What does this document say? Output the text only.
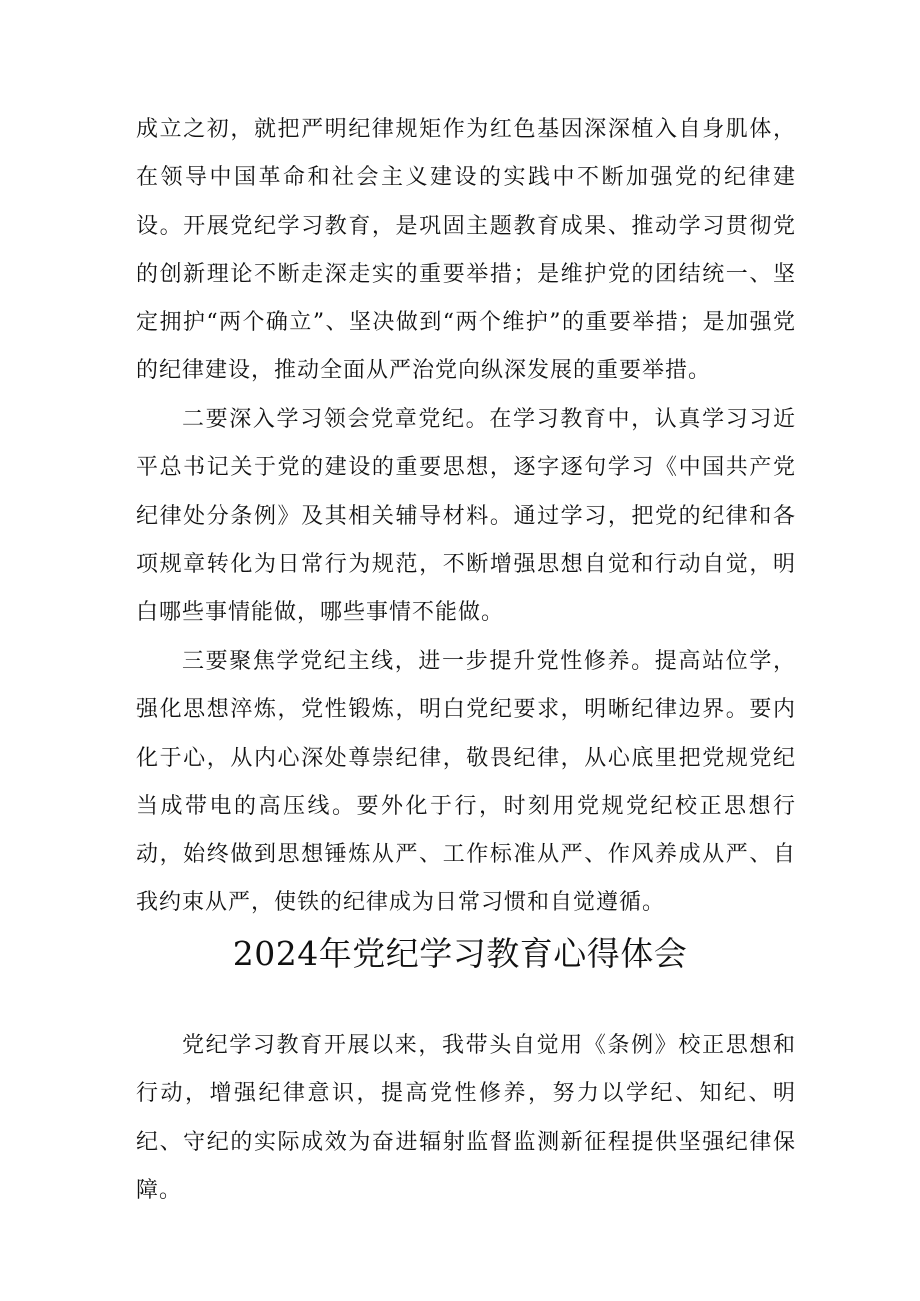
成立之初，就把严明纪律规矩作为红色基因深深植入自身肌体，在领导中国革命和社会主义建设的实践中不断加强党的纪律建设。开展党纪学习教育，是巩固主题教育成果、推动学习贯彻党的创新理论不断走深走实的重要举措；是维护党的团结统一、坚定拥护“两个确立”、坚决做到“两个维护”的重要举措；是加强党的纪律建设，推动全面从严治党向纵深发展的重要举措。

二要深入学习领会党章党纪。在学习教育中，认真学习习近平总书记关于党的建设的重要思想，逐字逐句学习《中国共产党纪律处分条例》及其相关辅导材料。通过学习，把党的纪律和各项规章转化为日常行为规范，不断增强思想自觉和行动自觉，明白哪些事情能做，哪些事情不能做。

三要聚焦学党纪主线，进一步提升党性修养。提高站位学，强化思想淬炼，党性锻炼，明白党纪要求，明晰纪律边界。要内化于心，从内心深处尊崇纪律，敬畏纪律，从心底里把党规党纪当成带电的高压线。要外化于行，时刻用党规党纪校正思想行动，始终做到思想锤炼从严、工作标准从严、作风养成从严、自我约束从严，使铁的纪律成为日常习惯和自觉遵循。

2024年党纪学习教育心得体会

党纪学习教育开展以来，我带头自觉用《条例》校正思想和行动，增强纪律意识，提高党性修养，努力以学纪、知纪、明纪、守纪的实际成效为奋进辐射监督监测新征程提供坚强纪律保障。
